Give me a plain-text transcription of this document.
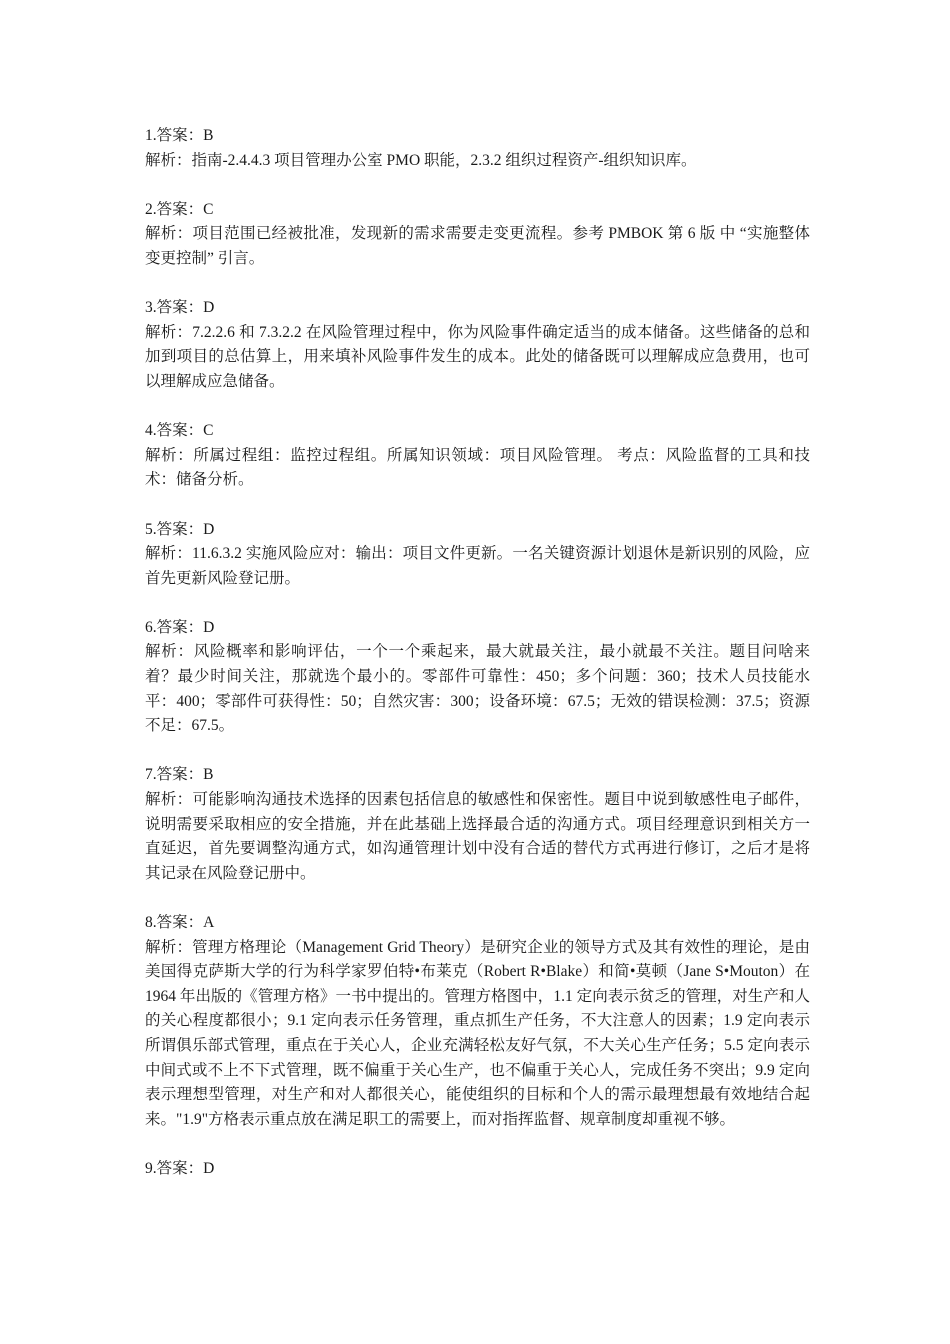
1.答案：B

解析：指南-2.4.4.3 项目管理办公室 PMO 职能，2.3.2 组织过程资产-组织知识库。

2.答案：C

解析：项目范围已经被批准，发现新的需求需要走变更流程。参考 PMBOK 第 6 版 中 “实施整体变更控制” 引言。

3.答案：D

解析：7.2.2.6 和 7.3.2.2 在风险管理过程中，你为风险事件确定适当的成本储备。这些储备的总和加到项目的总估算上，用来填补风险事件发生的成本。此处的储备既可以理解成应急费用，也可以理解成应急储备。

4.答案：C

解析：所属过程组：监控过程组。所属知识领域：项目风险管理。 考点：风险监督的工具和技术：储备分析。

5.答案：D

解析：11.6.3.2 实施风险应对：输出：项目文件更新。一名关键资源计划退休是新识别的风险，应首先更新风险登记册。

6.答案：D

解析：风险概率和影响评估，一个一个乘起来，最大就最关注，最小就最不关注。题目问啥来着？最少时间关注，那就选个最小的。零部件可靠性：450；多个问题：360；技术人员技能水平：400；零部件可获得性：50；自然灾害：300；设备环境：67.5；无效的错误检测：37.5；资源不足：67.5。

7.答案：B

解析：可能影响沟通技术选择的因素包括信息的敏感性和保密性。题目中说到敏感性电子邮件，说明需要采取相应的安全措施，并在此基础上选择最合适的沟通方式。项目经理意识到相关方一直延迟，首先要调整沟通方式，如沟通管理计划中没有合适的替代方式再进行修订，之后才是将其记录在风险登记册中。

8.答案：A

解析：管理方格理论（Management Grid Theory）是研究企业的领导方式及其有效性的理论，是由美国得克萨斯大学的行为科学家罗伯特•布莱克（Robert R•Blake）和简•莫顿（Jane S•Mouton）在 1964 年出版的《管理方格》一书中提出的。管理方格图中，1.1 定向表示贫乏的管理，对生产和人的关心程度都很小；9.1 定向表示任务管理，重点抓生产任务，不大注意人的因素；1.9 定向表示所谓俱乐部式管理，重点在于关心人，企业充满轻松友好气氛，不大关心生产任务；5.5 定向表示中间式或不上不下式管理，既不偏重于关心生产，也不偏重于关心人，完成任务不突出；9.9 定向表示理想型管理，对生产和对人都很关心，能使组织的目标和个人的需示最理想最有效地结合起来。"1.9"方格表示重点放在满足职工的需要上，而对指挥监督、规章制度却重视不够。

9.答案：D
